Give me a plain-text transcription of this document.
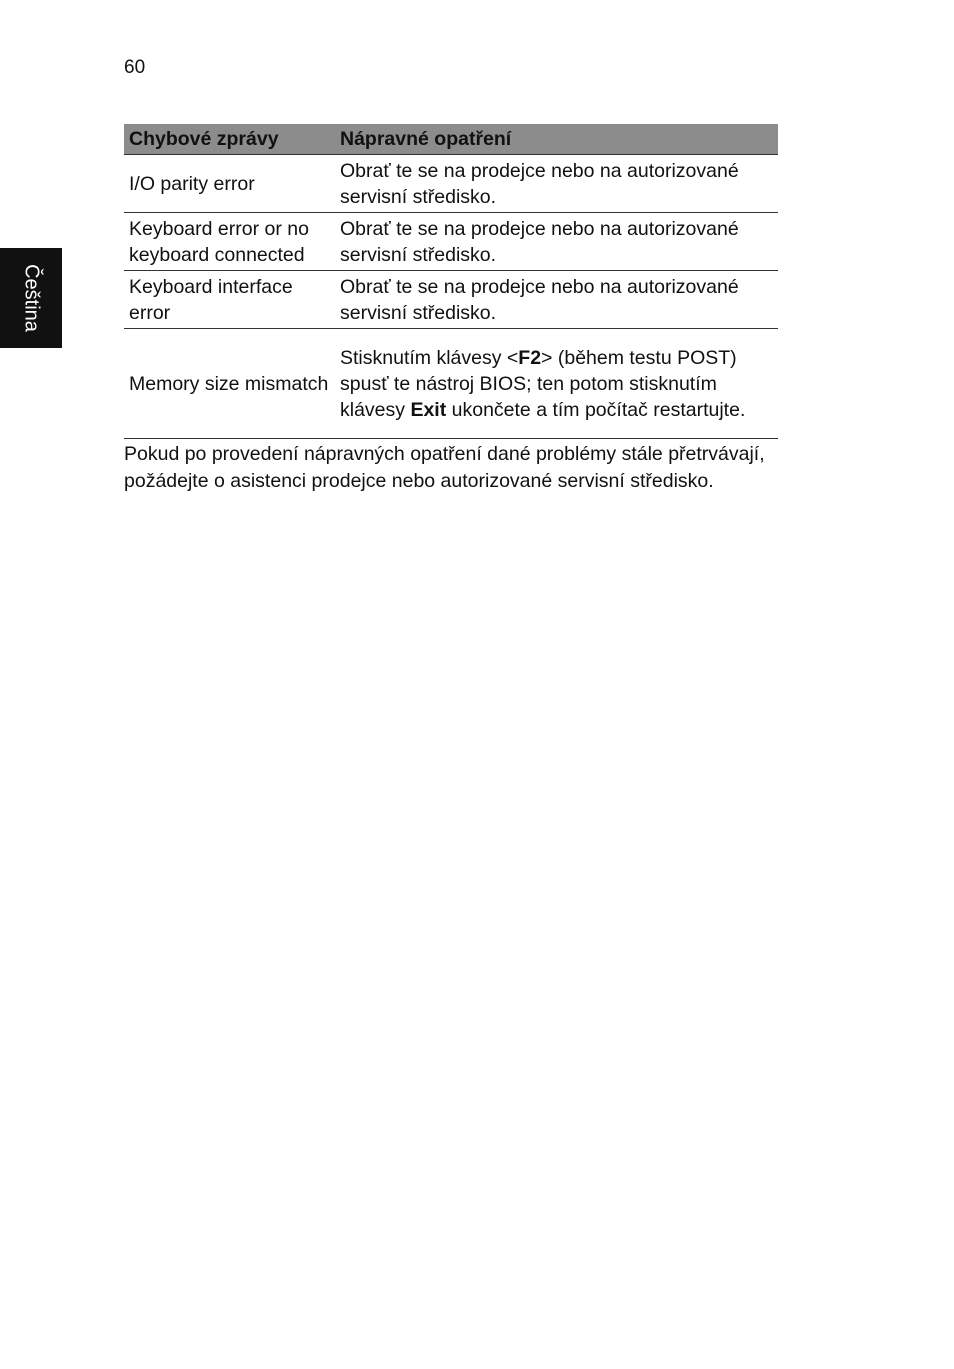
60
Čeština
Chybové zprávy	Nápravné opatření
I/O parity error	Obrať te se na prodejce nebo na autorizované servisní středisko.
Keyboard error or no keyboard connected	Obrať te se na prodejce nebo na autorizované servisní středisko.
Keyboard interface error	Obrať te se na prodejce nebo na autorizované servisní středisko.
Memory size mismatch	Stisknutím klávesy <F2> (během testu POST) spusť te nástroj BIOS; ten potom stisknutím klávesy Exit ukončete a tím počítač restartujte.

Pokud po provedení nápravných opatření dané problémy stále přetrvávají, požádejte o asistenci prodejce nebo autorizované servisní středisko.
